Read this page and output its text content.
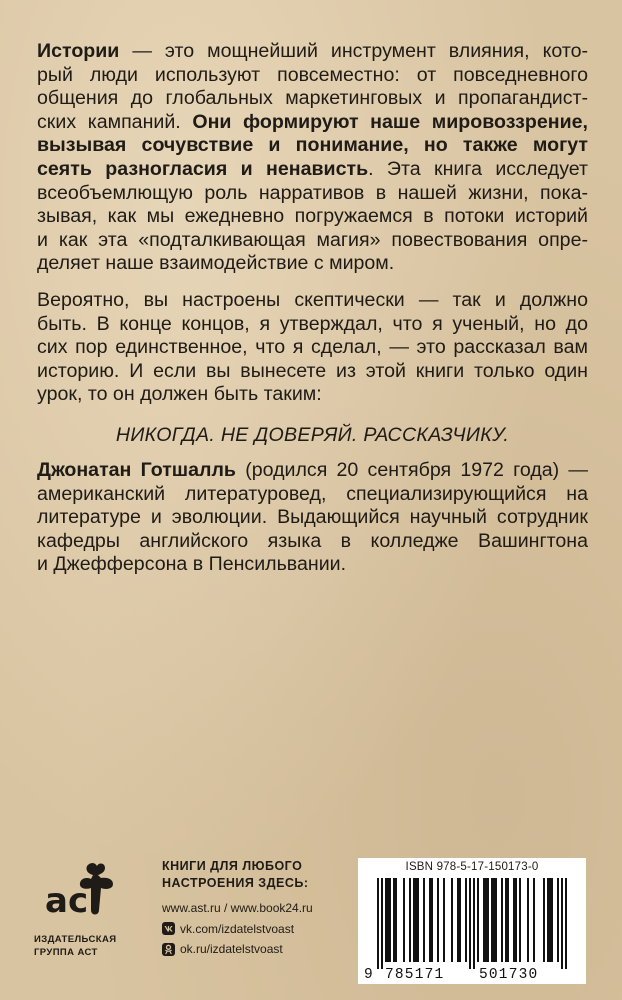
Истории — это мощнейший инструмент влияния, кото-
рый люди используют повсеместно: от повседневного
общения до глобальных маркетинговых и пропагандист-
ских кампаний. Они формируют наше мировоззрение,
вызывая сочувствие и понимание, но также могут
сеять разногласия и ненависть. Эта книга исследует
всеобъемлющую роль нарративов в нашей жизни, пока-
зывая, как мы ежедневно погружаемся в потоки историй
и как эта «подталкивающая магия» повествования опре-
деляет наше взаимодействие с миром.
Вероятно, вы настроены скептически — так и должно
быть. В конце концов, я утверждал, что я ученый, но до
сих пор единственное, что я сделал, — это рассказал вам
историю. И если вы вынесете из этой книги только один
урок, то он должен быть таким:
НИКОГДА. НЕ ДОВЕРЯЙ. РАССКАЗЧИКУ.
Джонатан Готшалль (родился 20 сентября 1972 года) —
американский литературовед, специализирующийся на
литературе и эволюции. Выдающийся научный сотрудник
кафедры английского языка в колледже Вашингтона
и Джефферсона в Пенсильвании.
ac
ИЗДАТЕЛЬСКАЯ
ГРУППА АСТ
КНИГИ ДЛЯ ЛЮБОГО
НАСТРОЕНИЯ ЗДЕСЬ:
www.ast.ru / www.book24.ru
vk.com/izdatelstvoast
ok.ru/izdatelstvoast
ISBN 978-5-17-150173-0
9 785171 501730
